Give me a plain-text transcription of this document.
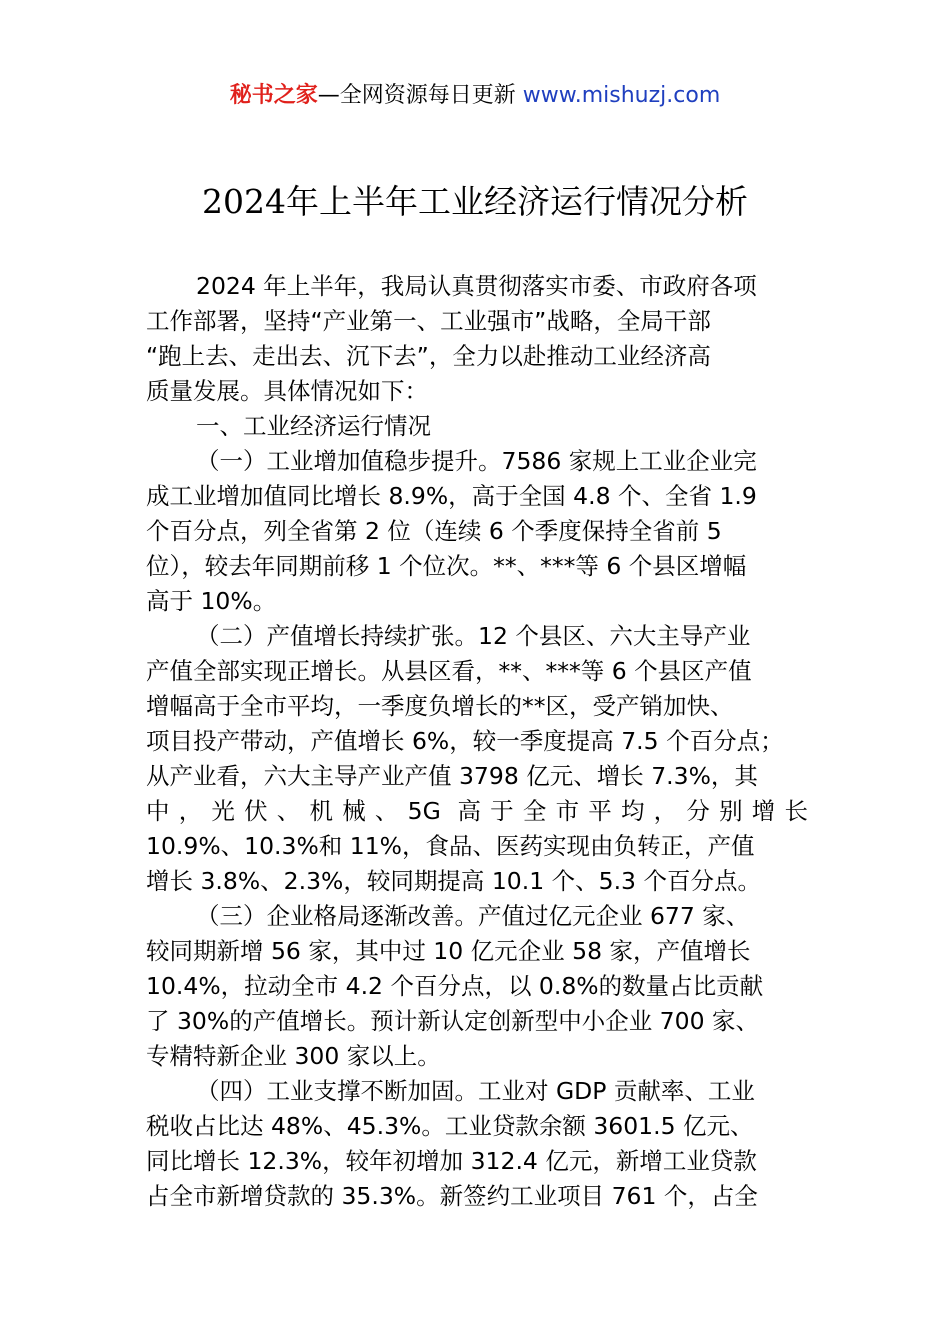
秘书之家—全网资源每日更新 www.mishuzj.com
2024年上半年工业经济运行情况分析
2024 年上半年，我局认真贯彻落实市委、市政府各项
工作部署，坚持“产业第一、工业强市”战略，全局干部
“跑上去、走出去、沉下去”，全力以赴推动工业经济高
质量发展。具体情况如下：
一、工业经济运行情况
（一）工业增加值稳步提升。7586 家规上工业企业完
成工业增加值同比增长 8.9%，高于全国 4.8 个、全省 1.9
个百分点，列全省第 2 位（连续 6 个季度保持全省前 5
位），较去年同期前移 1 个位次。**、***等 6 个县区增幅
高于 10%。
（二）产值增长持续扩张。12 个县区、六大主导产业
产值全部实现正增长。从县区看，**、***等 6 个县区产值
增幅高于全市平均，一季度负增长的**区，受产销加快、
项目投产带动，产值增长 6%，较一季度提高 7.5 个百分点；
从产业看，六大主导产业产值 3798 亿元、增长 7.3%，其
中，光伏、机械、5G 高于全市平均，分别增长
10.9%、10.3%和 11%，食品、医药实现由负转正，产值
增长 3.8%、2.3%，较同期提高 10.1 个、5.3 个百分点。
（三）企业格局逐渐改善。产值过亿元企业 677 家、
较同期新增 56 家，其中过 10 亿元企业 58 家，产值增长
10.4%，拉动全市 4.2 个百分点，以 0.8%的数量占比贡献
了 30%的产值增长。预计新认定创新型中小企业 700 家、
专精特新企业 300 家以上。
（四）工业支撑不断加固。工业对 GDP 贡献率、工业
税收占比达 48%、45.3%。工业贷款余额 3601.5 亿元、
同比增长 12.3%，较年初增加 312.4 亿元，新增工业贷款
占全市新增贷款的 35.3%。新签约工业项目 761 个，占全
